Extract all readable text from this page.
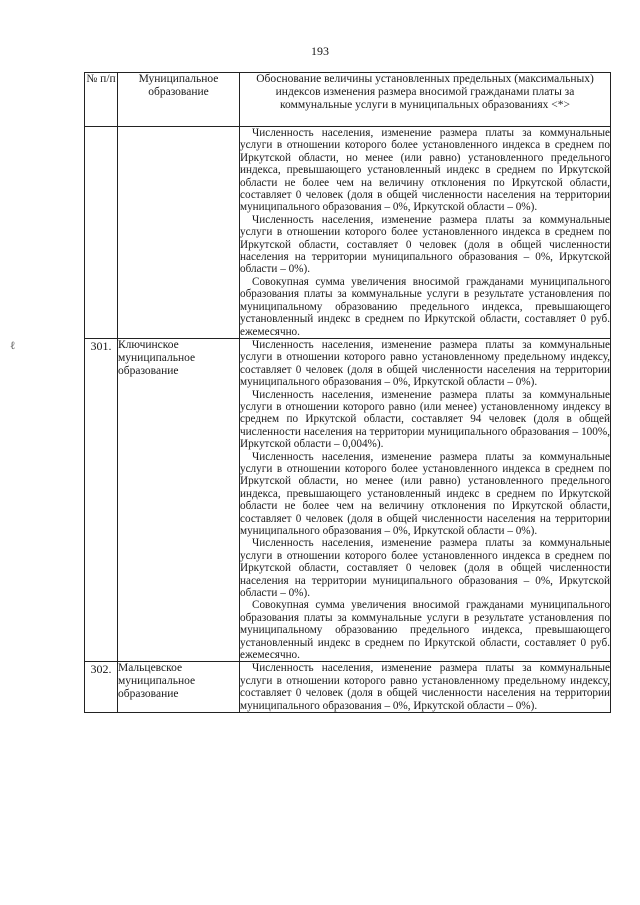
193
ℓ
№ п/п	Муниципальное образование	Обоснование величины установленных предельных (максимальных) индексов изменения размера вносимой гражданами платы за коммунальные услуги в муниципальных образованиях <*>

		Численность населения, изменение размера платы за коммунальные услуги в отношении которого более установленного индекса в среднем по Иркутской области, но менее (или равно) установленного предельного индекса, превышающего установленный индекс в среднем по Иркутской области не более чем на величину отклонения по Иркутской области, составляет 0 человек (доля в общей численности населения на территории муниципального образования – 0%, Иркутской области – 0%).

Численность населения, изменение размера платы за коммунальные услуги в отношении которого более установленного индекса в среднем по Иркутской области, составляет 0 человек (доля в общей численности населения на территории муниципального образования – 0%, Иркутской области – 0%).

Совокупная сумма увеличения вносимой гражданами муниципального образования платы за коммунальные услуги в результате установления по муниципальному образованию предельного индекса, превышающего установленный индекс в среднем по Иркутской области, составляет 0 руб. ежемесячно.

301.	Ключинское муниципальное образование	Численность населения, изменение размера платы за коммунальные услуги в отношении которого равно установленному предельному индексу, составляет 0 человек (доля в общей численности населения на территории муниципального образования – 0%, Иркутской области – 0%).

Численность населения, изменение размера платы за коммунальные услуги в отношении которого равно (или менее) установленному индексу в среднем по Иркутской области, составляет 94 человек (доля в общей численности населения на территории муниципального образования – 100%, Иркутской области – 0,004%).

Численность населения, изменение размера платы за коммунальные услуги в отношении которого более установленного индекса в среднем по Иркутской области, но менее (или равно) установленного предельного индекса, превышающего установленный индекс в среднем по Иркутской области не более чем на величину отклонения по Иркутской области, составляет 0 человек (доля в общей численности населения на территории муниципального образования – 0%, Иркутской области – 0%).

Численность населения, изменение размера платы за коммунальные услуги в отношении которого более установленного индекса в среднем по Иркутской области, составляет 0 человек (доля в общей численности населения на территории муниципального образования – 0%, Иркутской области – 0%).

Совокупная сумма увеличения вносимой гражданами муниципального образования платы за коммунальные услуги в результате установления по муниципальному образованию предельного индекса, превышающего установленный индекс в среднем по Иркутской области, составляет 0 руб. ежемесячно.

302.	Мальцевское муниципальное образование	Численность населения, изменение размера платы за коммунальные услуги в отношении которого равно установленному предельному индексу, составляет 0 человек (доля в общей численности населения на территории муниципального образования – 0%, Иркутской области – 0%).
